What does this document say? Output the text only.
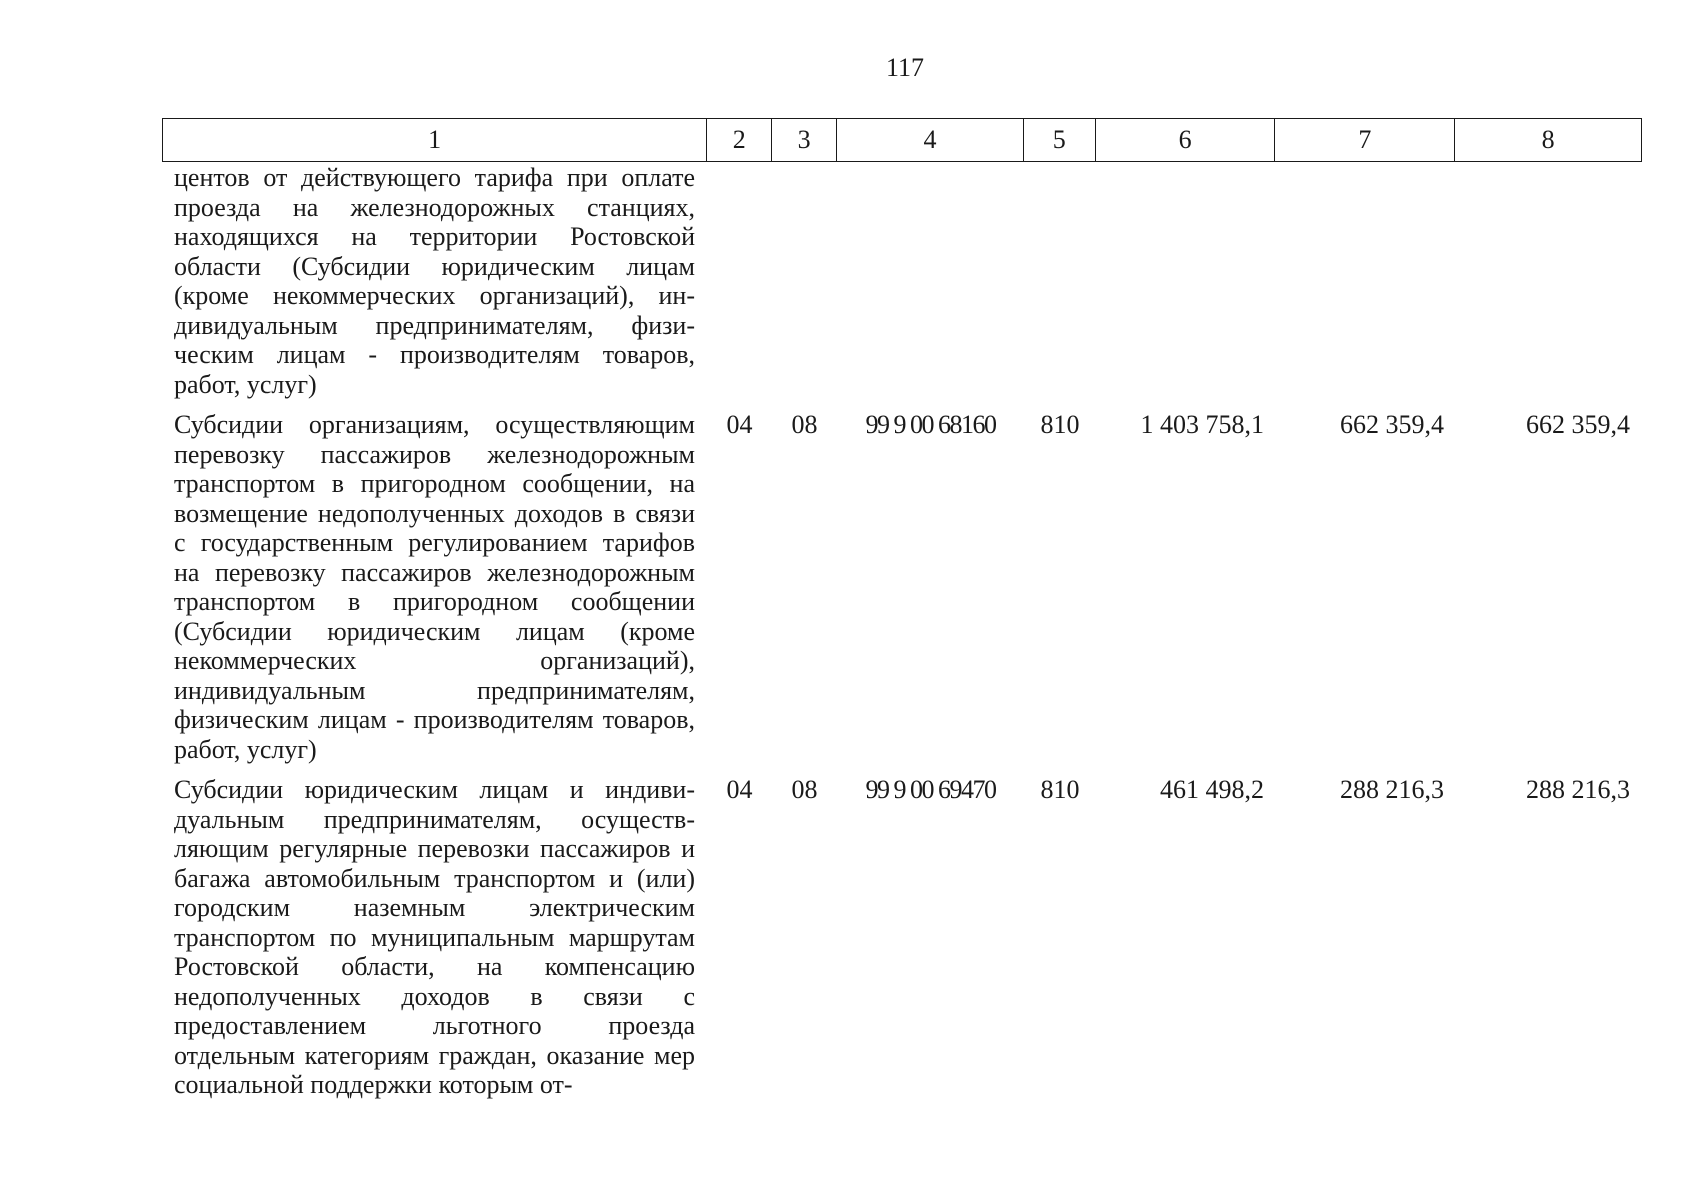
117
1	2	3	4	5	6	7	8
центов от действующего тарифа при оплате проезда на железнодорожных станциях, находящихся на территории Ростовской области (Субсидии юридическим лицам (кроме некоммерческих организаций), индивидуальным предпринимателям, физическим лицам - производителям товаров, работ, услуг)
Субсидии организациям, осуществляющим перевозку пассажиров железнодорожным транспортом в пригородном сообщении, на возмещение недополученных доходов в связи с государственным регулированием тарифов на перевозку пассажиров железнодорожным транспортом в пригородном сообщении (Субсидии юридическим лицам (кроме некоммерческих организаций), индивидуальным предпринимателям, физическим лицам - производителям товаров, работ, услуг)
04	08	99 9 00 68160	810	1 403 758,1	662 359,4	662 359,4
Субсидии юридическим лицам и индивидуальным предпринимателям, осуществляющим регулярные перевозки пассажиров и багажа автомобильным транспортом и (или) городским наземным электрическим транспортом по муниципальным маршрутам Ростовской области, на компенсацию недополученных доходов в связи с предоставлением льготного проезда отдельным категориям граждан, оказание мер социальной поддержки которым от-
04	08	99 9 00 69470	810	461 498,2	288 216,3	288 216,3
